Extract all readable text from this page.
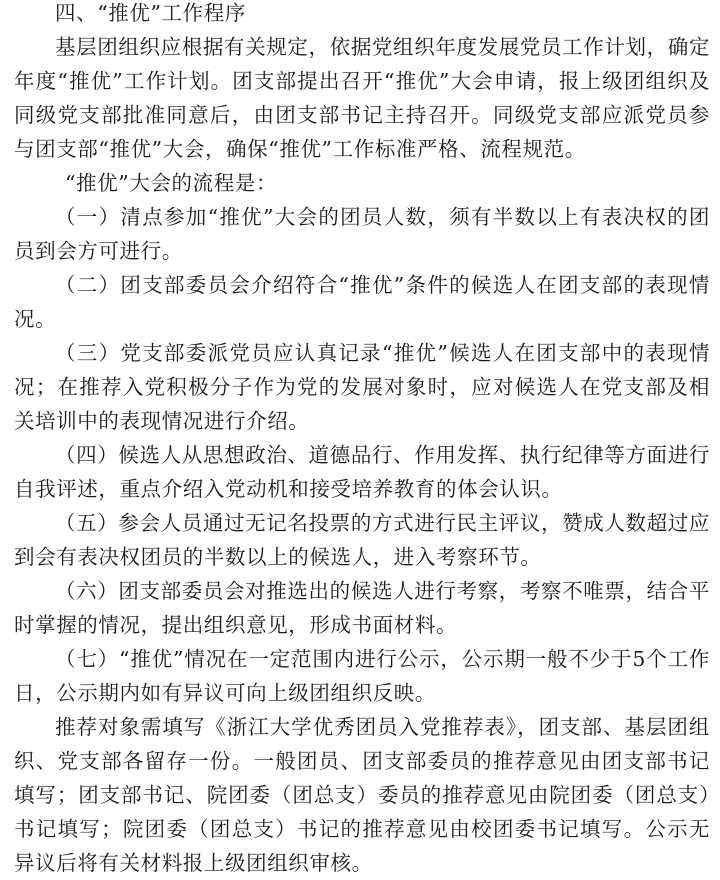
四、“推优”工作程序

基层团组织应根据有关规定，依据党组织年度发展党员工作计划，确定年度“推优”工作计划。团支部提出召开“推优”大会申请，报上级团组织及同级党支部批准同意后，由团支部书记主持召开。同级党支部应派党员参与团支部“推优”大会，确保“推优”工作标准严格、流程规范。

“推优”大会的流程是：

（一）清点参加“推优”大会的团员人数，须有半数以上有表决权的团员到会方可进行。

（二）团支部委员会介绍符合“推优”条件的候选人在团支部的表现情况。

（三）党支部委派党员应认真记录“推优”候选人在团支部中的表现情况；在推荐入党积极分子作为党的发展对象时，应对候选人在党支部及相关培训中的表现情况进行介绍。

（四）候选人从思想政治、道德品行、作用发挥、执行纪律等方面进行自我评述，重点介绍入党动机和接受培养教育的体会认识。

（五）参会人员通过无记名投票的方式进行民主评议，赞成人数超过应到会有表决权团员的半数以上的候选人，进入考察环节。

（六）团支部委员会对推选出的候选人进行考察，考察不唯票，结合平时掌握的情况，提出组织意见，形成书面材料。

（七）“推优”情况在一定范围内进行公示，公示期一般不少于5个工作日，公示期内如有异议可向上级团组织反映。

推荐对象需填写《浙江大学优秀团员入党推荐表》，团支部、基层团组织、党支部各留存一份。一般团员、团支部委员的推荐意见由团支部书记填写；团支部书记、院团委（团总支）委员的推荐意见由院团委（团总支）书记填写；院团委（团总支）书记的推荐意见由校团委书记填写。公示无异议后将有关材料报上级团组织审核。
